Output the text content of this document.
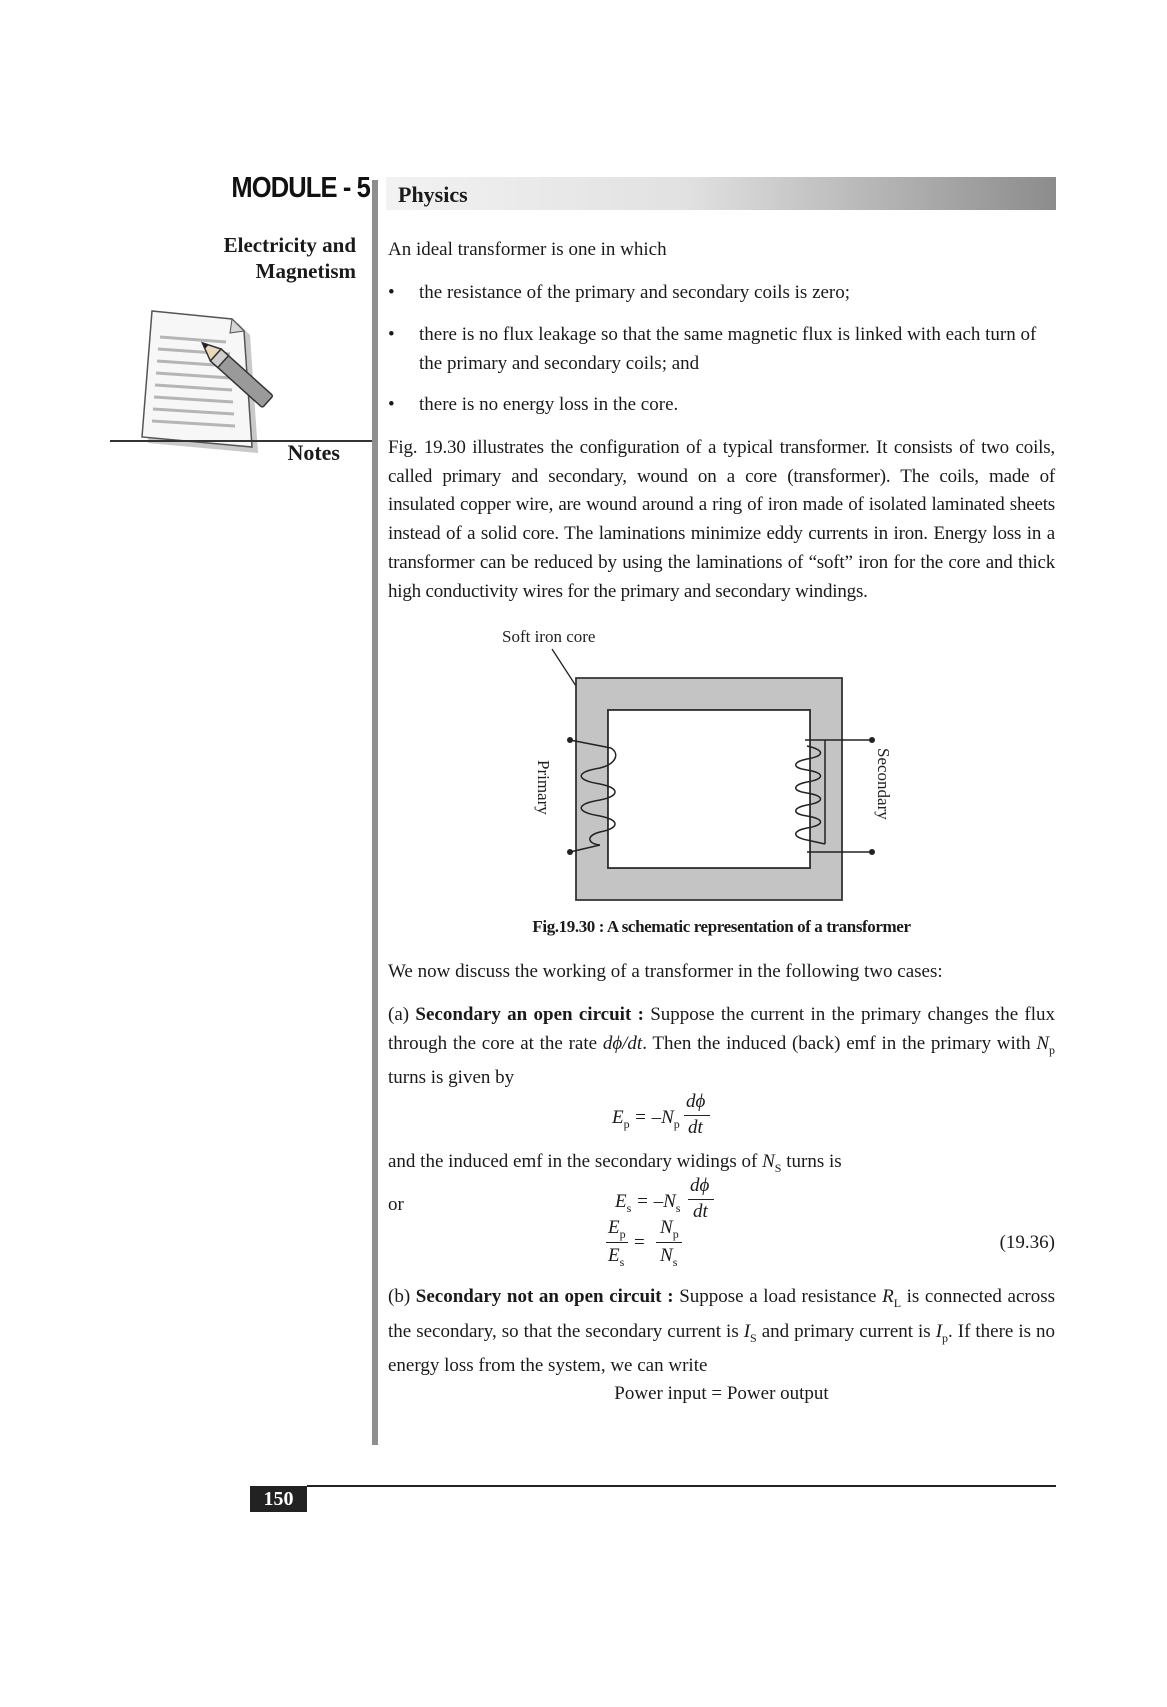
MODULE - 5
Electricity and
Magnetism
Notes
Physics
An ideal transformer is one in which
• the resistance of the primary and secondary coils is zero;
• there is no flux leakage so that the same magnetic flux is linked with each turn of the primary and secondary coils; and
• there is no energy loss in the core.
Fig. 19.30 illustrates the configuration of a typical transformer. It consists of two coils, called primary and secondary, wound on a core (transformer). The coils, made of insulated copper wire, are wound around a ring of iron made of isolated laminated sheets instead of a solid core. The laminations minimize eddy currents in iron. Energy loss in a transformer can be reduced by using the laminations of “soft” iron for the core and thick high conductivity wires for the primary and secondary windings.
Soft iron core
Primary	Secondary
Fig.19.30 : A schematic representation of a transformer
We now discuss the working of a transformer in the following two cases:
(a) Secondary an open circuit : Suppose the current in the primary changes the flux through the core at the rate dϕ/dt. Then the induced (back) emf in the primary with $N_p$ turns is given by
$E_p = -N_p$
dϕ
dt
and the induced emf in the secondary widings of $N_S$ turns is
$E_s = -N_s$
dϕ
dt
or
$E_p$
$E_s$
=
$N_p$
$N_s$
(19.36)
(b) Secondary not an open circuit : Suppose a load resistance $R_L$ is connected across the secondary, so that the secondary current is $I_S$ and primary current is $I_p$. If there is no energy loss from the system, we can write
Power input = Power output
150
